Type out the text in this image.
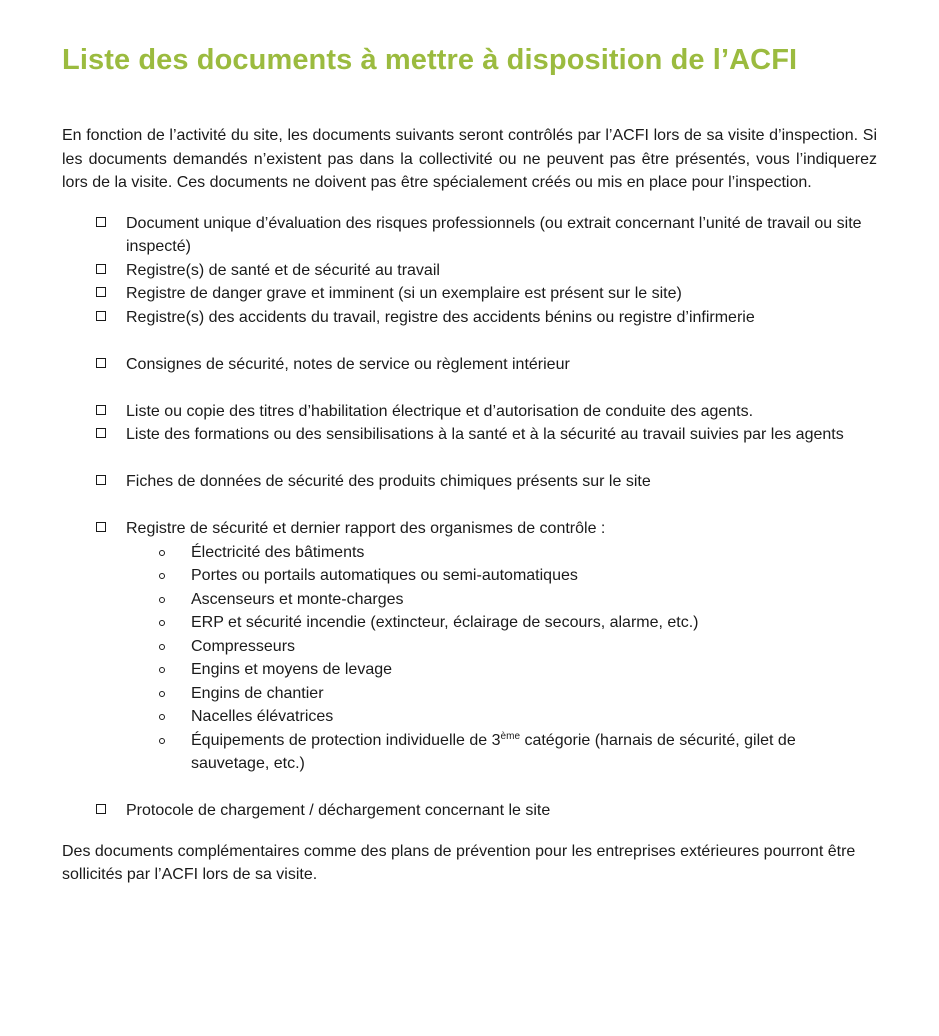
Liste des documents à mettre à disposition de l’ACFI

En fonction de l’activité du site, les documents suivants seront contrôlés par l’ACFI lors de sa visite d’inspection. Si les documents demandés n’existent pas dans la collectivité ou ne peuvent pas être présentés, vous l’indiquerez lors de la visite. Ces documents ne doivent pas être spécialement créés ou mis en place pour l’inspection.

Document unique d’évaluation des risques professionnels (ou extrait concernant l’unité de travail ou site inspecté)
Registre(s) de santé et de sécurité au travail
Registre de danger grave et imminent (si un exemplaire est présent sur le site)
Registre(s) des accidents du travail, registre des accidents bénins ou registre d’infirmerie
Consignes de sécurité, notes de service ou règlement intérieur
Liste ou copie des titres d’habilitation électrique et d’autorisation de conduite des agents.
Liste des formations ou des sensibilisations à la santé et à la sécurité au travail suivies par les agents
Fiches de données de sécurité des produits chimiques présents sur le site
Registre de sécurité et dernier rapport des organismes de contrôle :
Électricité des bâtiments
Portes ou portails automatiques ou semi-automatiques
Ascenseurs et monte-charges
ERP et sécurité incendie (extincteur, éclairage de secours, alarme, etc.)
Compresseurs
Engins et moyens de levage
Engins de chantier
Nacelles élévatrices
Équipements de protection individuelle de 3ème catégorie (harnais de sécurité, gilet de sauvetage, etc.)
Protocole de chargement / déchargement concernant le site

Des documents complémentaires comme des plans de prévention pour les entreprises extérieures pourront être sollicités par l’ACFI lors de sa visite.
